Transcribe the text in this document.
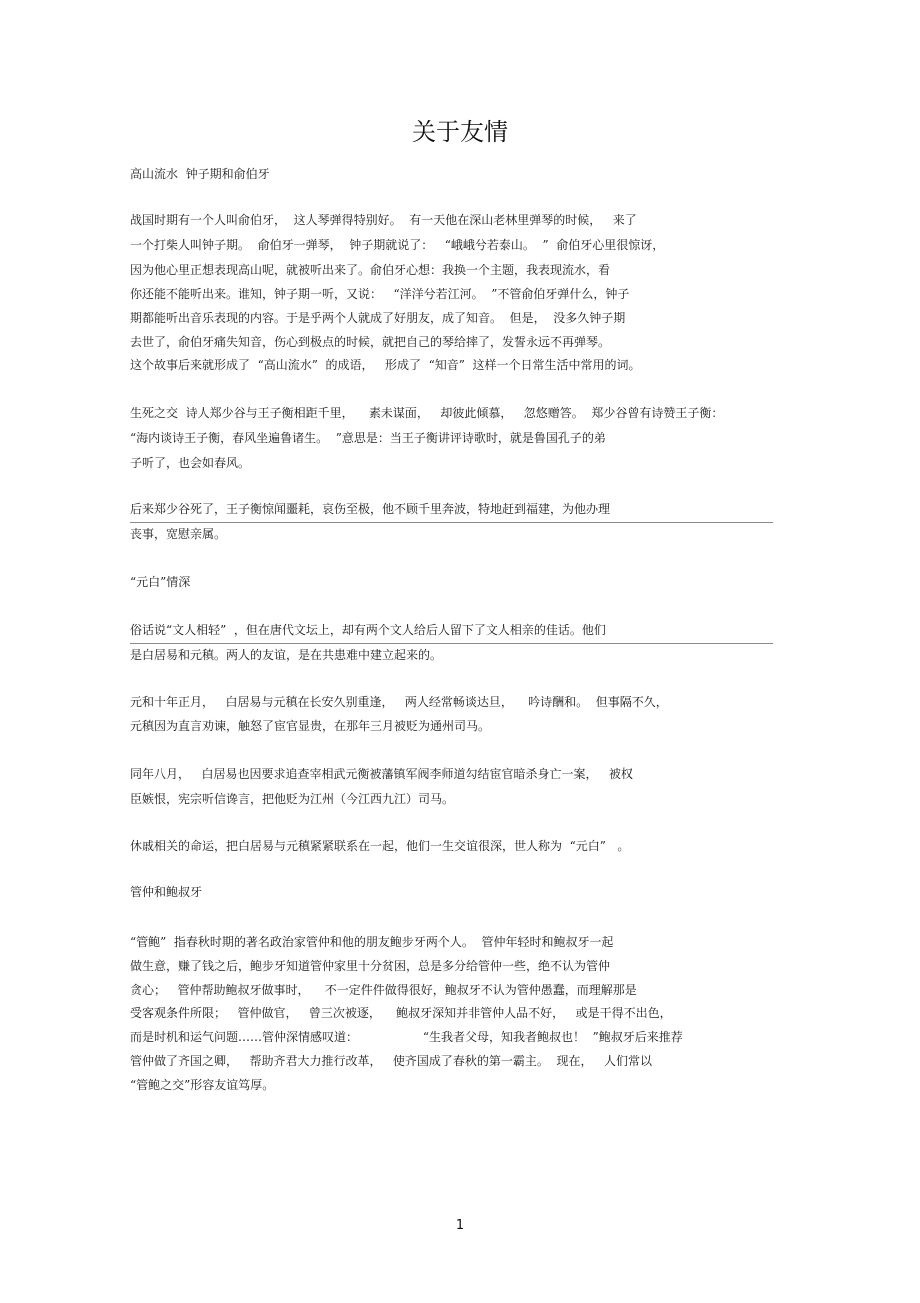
关于友情
高山流水  钟子期和俞伯牙
战国时期有一个人叫俞伯牙，  这人琴弹得特别好。  有一天他在深山老林里弹琴的时候，   来了
一个打柴人叫钟子期。  俞伯牙一弹琴，  钟子期就说了：   “峨峨兮若泰山。  ”  俞伯牙心里很惊讶，
因为他心里正想表现高山呢，就被听出来了。俞伯牙心想：我换一个主题，我表现流水，看
你还能不能听出来。谁知，钟子期一听，又说：   “洋洋兮若江河。  ”不管俞伯牙弹什么，钟子
期都能听出音乐表现的内容。于是乎两个人就成了好朋友，成了知音。  但是，  没多久钟子期
去世了，俞伯牙痛失知音，伤心到极点的时候，就把自己的琴给摔了，发誓永远不再弹琴。
这个故事后来就形成了  “高山流水”  的成语，   形成了  “知音”  这样一个日常生活中常用的词。
生死之交  诗人郑少谷与王子衡相距千里，    素未谋面，   却彼此倾慕，   忽悠赠答。  郑少谷曾有诗赞王子衡：
“海内谈诗王子衡，春风坐遍鲁诸生。  ”意思是：当王子衡讲评诗歌时，就是鲁国孔子的弟
子听了，也会如春风。
后来郑少谷死了，王子衡惊闻噩耗，哀伤至极，他不顾千里奔波，特地赶到福建，为他办理
丧事，宽慰亲属。
“元白”情深
俗话说“文人相轻”  ，但在唐代文坛上，却有两个文人给后人留下了文人相亲的佳话。他们
是白居易和元稹。两人的友谊，是在共患难中建立起来的。
元和十年正月，   白居易与元稹在长安久别重逢，   两人经常畅谈达旦，    吟诗酬和。  但事隔不久，
元稹因为直言劝谏，触怒了宦官显贵，在那年三月被贬为通州司马。
同年八月，   白居易也因要求追查宰相武元衡被藩镇军阀李师道勾结宦官暗杀身亡一案，   被权
臣嫉恨，宪宗听信谗言，把他贬为江州（今江西九江）司马。
休戚相关的命运，把白居易与元稹紧紧联系在一起，他们一生交谊很深，世人称为  “元白”   。
管仲和鲍叔牙
“管鲍”  指春秋时期的著名政治家管仲和他的朋友鲍步牙两个人。  管仲年轻时和鲍叔牙一起
做生意，赚了钱之后，鲍步牙知道管仲家里十分贫困，总是多分给管仲一些，绝不认为管仲
贪心；   管仲帮助鲍叔牙做事时，    不一定件件做得很好，鲍叔牙不认为管仲愚蠢，而理解那是
受客观条件所限；   管仲做官，   曾三次被逐，    鲍叔牙深知并非管仲人品不好，   或是干得不出色，
而是时机和运气问题……管仲深情感叹道：                 “生我者父母，知我者鲍叔也！  ”鲍叔牙后来推荐
管仲做了齐国之卿，   帮助齐君大力推行改革，   使齐国成了春秋的第一霸主。  现在，   人们常以
“管鲍之交”形容友谊笃厚。
1
